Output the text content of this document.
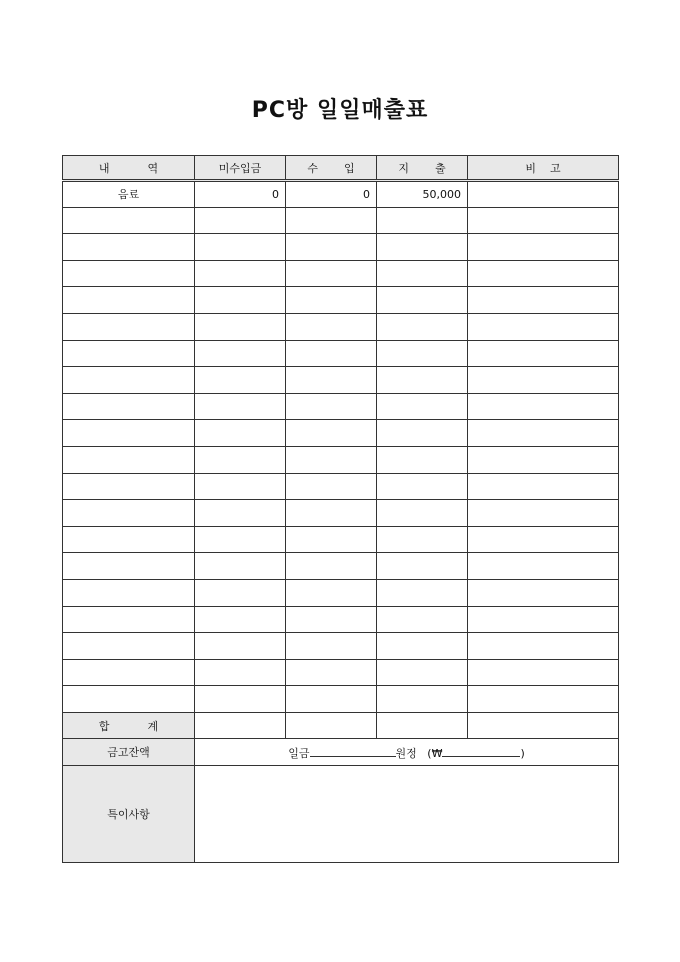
PC방 일일매출표
내 역	미수입금	수 입	지 출	비 고
음료	0	0	50,000	

합 계				
금고잔액	일금 원정 (₩ )			
특이사항				
